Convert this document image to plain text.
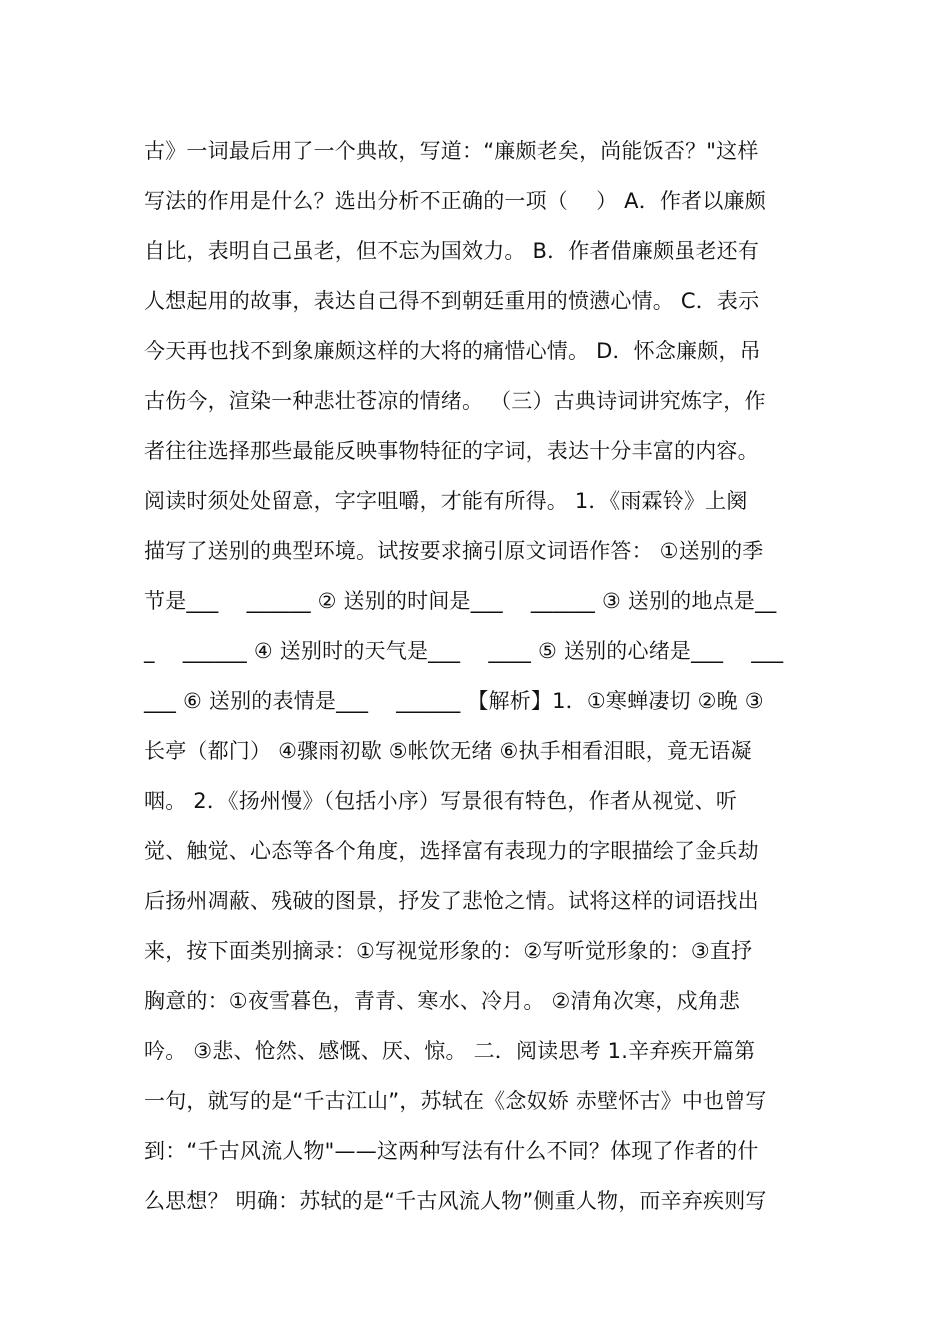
古》一词最后用了一个典故，写道：“廉颇老矣，尚能饭否？"这样
写法的作用是什么？选出分析不正确的一项（　 ） A．作者以廉颇
自比，表明自己虽老，但不忘为国效力。 B．作者借廉颇虽老还有
人想起用的故事，表达自己得不到朝廷重用的愤懑心情。 C．表示
今天再也找不到象廉颇这样的大将的痛惜心情。 D．怀念廉颇，吊
古伤今，渲染一种悲壮苍凉的情绪。 （三）古典诗词讲究炼字，作
者往往选择那些最能反映事物特征的字词，表达十分丰富的内容。
阅读时须处处留意，字字咀嚼，才能有所得。 1．《雨霖铃》上阕
描写了送别的典型环境。试按要求摘引原文词语作答： ①送别的季
节是___　 ______ ② 送别的时间是___　 ______ ③ 送别的地点是__
_　 ______ ④ 送别时的天气是___　 ____ ⑤ 送别的心绪是___　 ___
___ ⑥ 送别的表情是___　 ______ 【解析】1．①寒蝉凄切 ②晚 ③
长亭（都门） ④骤雨初歇 ⑤帐饮无绪 ⑥执手相看泪眼，竟无语凝
咽。 2．《扬州慢》（包括小序）写景很有特色，作者从视觉、听
觉、触觉、心态等各个角度，选择富有表现力的字眼描绘了金兵劫
后扬州凋蔽、残破的图景，抒发了悲怆之情。试将这样的词语找出
来，按下面类别摘录：①写视觉形象的：②写听觉形象的：③直抒
胸意的：①夜雪暮色，青青、寒水、冷月。 ②清角次寒，戍角悲
吟。 ③悲、怆然、感慨、厌、惊。 二．阅读思考 1.辛弃疾开篇第
一句，就写的是“千古江山”，苏轼在《念奴娇 赤壁怀古》中也曾写
到：“千古风流人物"——这两种写法有什么不同？体现了作者的什
么思想？ 明确：苏轼的是“千古风流人物”侧重人物，而辛弃疾则写
